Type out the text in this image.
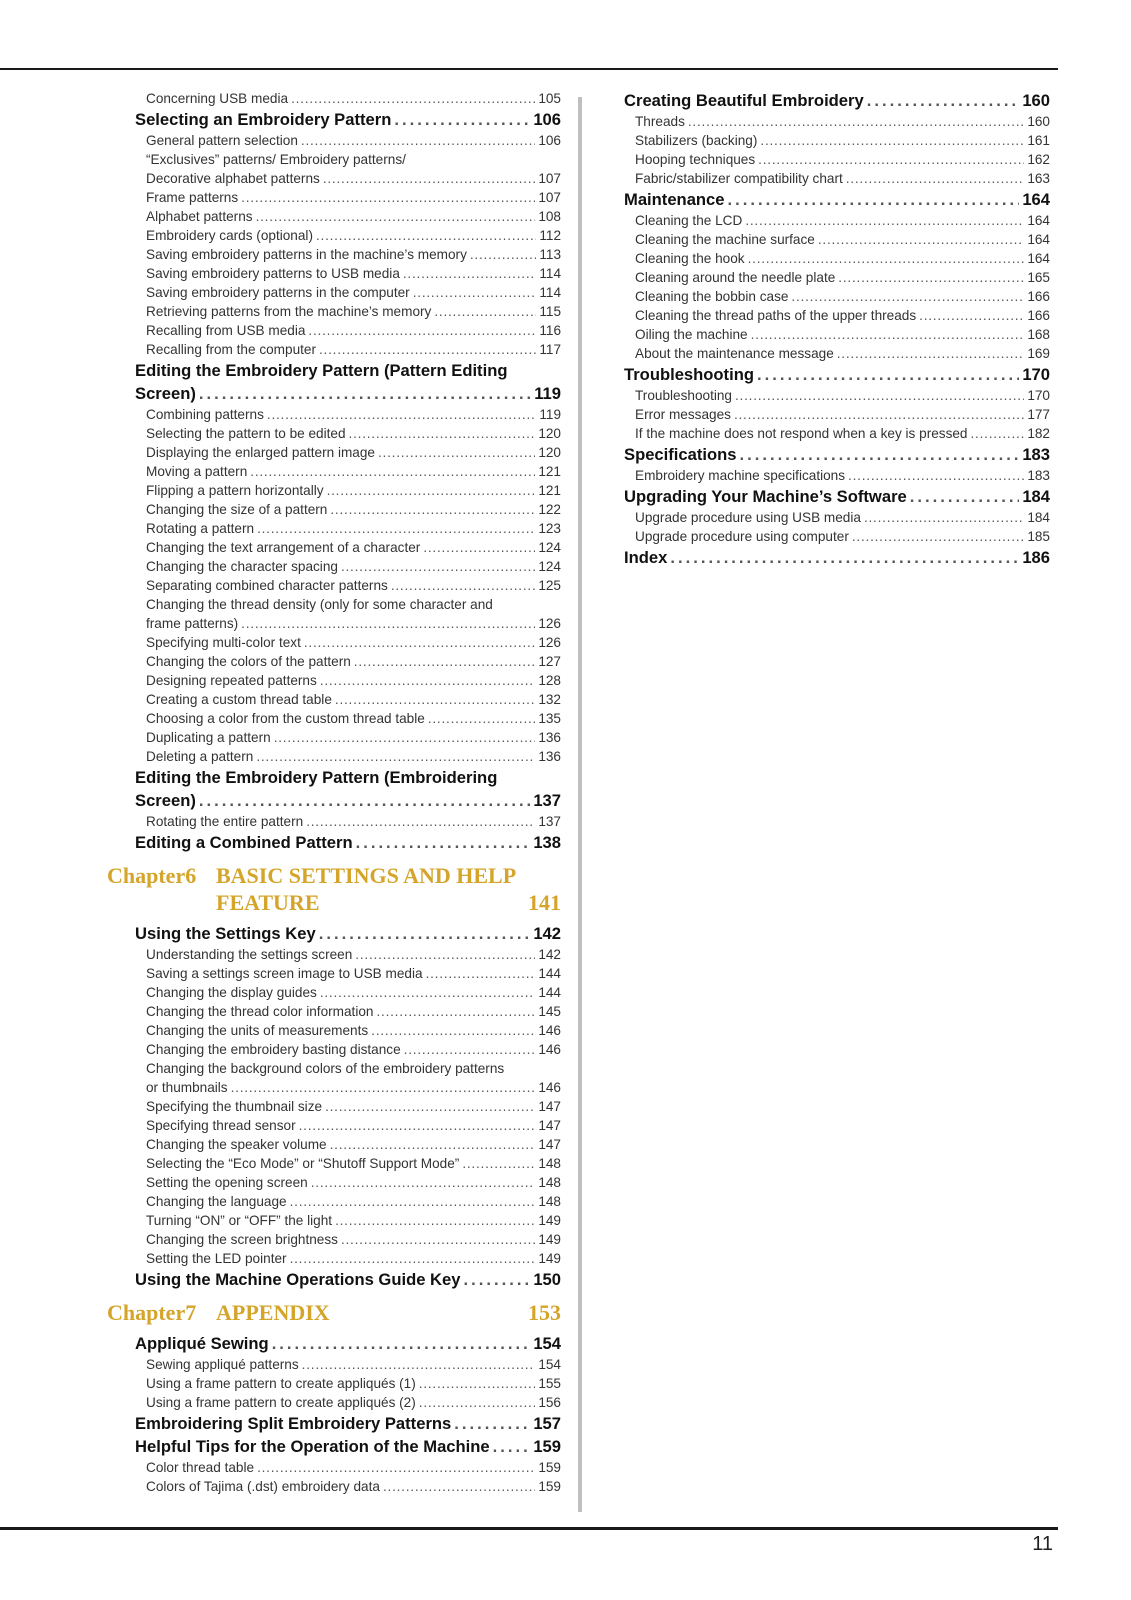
Concerning USB media . . .	105
Selecting an Embroidery Pattern . . .	106
General pattern selection . . .	106
“Exclusives” patterns/ Embroidery patterns/
Decorative alphabet patterns . . .	107
Frame patterns . . .	107
Alphabet patterns . . .	108
Embroidery cards (optional) . . .	112
Saving embroidery patterns in the machine’s memory . . .	113
Saving embroidery patterns to USB media . . .	114
Saving embroidery patterns in the computer . . .	114
Retrieving patterns from the machine’s memory . . .	115
Recalling from USB media . . .	116
Recalling from the computer . . .	117
Editing the Embroidery Pattern (Pattern Editing
Screen) . . .	119
Combining patterns . . .	119
Selecting the pattern to be edited . . .	120
Displaying the enlarged pattern image . . .	120
Moving a pattern . . .	121
Flipping a pattern horizontally . . .	121
Changing the size of a pattern . . .	122
Rotating a pattern . . .	123
Changing the text arrangement of a character . . .	124
Changing the character spacing . . .	124
Separating combined character patterns . . .	125
Changing the thread density (only for some character and
frame patterns) . . .	126
Specifying multi-color text . . .	126
Changing the colors of the pattern . . .	127
Designing repeated patterns . . .	128
Creating a custom thread table . . .	132
Choosing a color from the custom thread table . . .	135
Duplicating a pattern . . .	136
Deleting a pattern . . .	136
Editing the Embroidery Pattern (Embroidering
Screen) . . .	137
Rotating the entire pattern . . .	137
Editing a Combined Pattern . . .	138
Chapter6 BASIC SETTINGS AND HELP
FEATURE	141
Using the Settings Key . . .	142
Understanding the settings screen . . .	142
Saving a settings screen image to USB media . . .	144
Changing the display guides . . .	144
Changing the thread color information . . .	145
Changing the units of measurements . . .	146
Changing the embroidery basting distance . . .	146
Changing the background colors of the embroidery patterns
or thumbnails . . .	146
Specifying the thumbnail size . . .	147
Specifying thread sensor . . .	147
Changing the speaker volume . . .	147
Selecting the “Eco Mode” or “Shutoff Support Mode” . . .	148
Setting the opening screen . . .	148
Changing the language . . .	148
Turning “ON” or “OFF” the light . . .	149
Changing the screen brightness . . .	149
Setting the LED pointer . . .	149
Using the Machine Operations Guide Key . . .	150
Chapter7 APPENDIX	153
Appliqué Sewing . . .	154
Sewing appliqué patterns . . .	154
Using a frame pattern to create appliqués (1) . . .	155
Using a frame pattern to create appliqués (2) . . .	156
Embroidering Split Embroidery Patterns . . .	157
Helpful Tips for the Operation of the Machine . . .	159
Color thread table . . .	159
Colors of Tajima (.dst) embroidery data . . .	159
Creating Beautiful Embroidery . . .	160
Threads . . .	160
Stabilizers (backing) . . .	161
Hooping techniques . . .	162
Fabric/stabilizer compatibility chart . . .	163
Maintenance . . .	164
Cleaning the LCD . . .	164
Cleaning the machine surface . . .	164
Cleaning the hook . . .	164
Cleaning around the needle plate . . .	165
Cleaning the bobbin case . . .	166
Cleaning the thread paths of the upper threads . . .	166
Oiling the machine . . .	168
About the maintenance message . . .	169
Troubleshooting . . .	170
Troubleshooting . . .	170
Error messages . . .	177
If the machine does not respond when a key is pressed . . .	182
Specifications . . .	183
Embroidery machine specifications . . .	183
Upgrading Your Machine’s Software . . .	184
Upgrade procedure using USB media . . .	184
Upgrade procedure using computer . . .	185
Index . . .	186
11
